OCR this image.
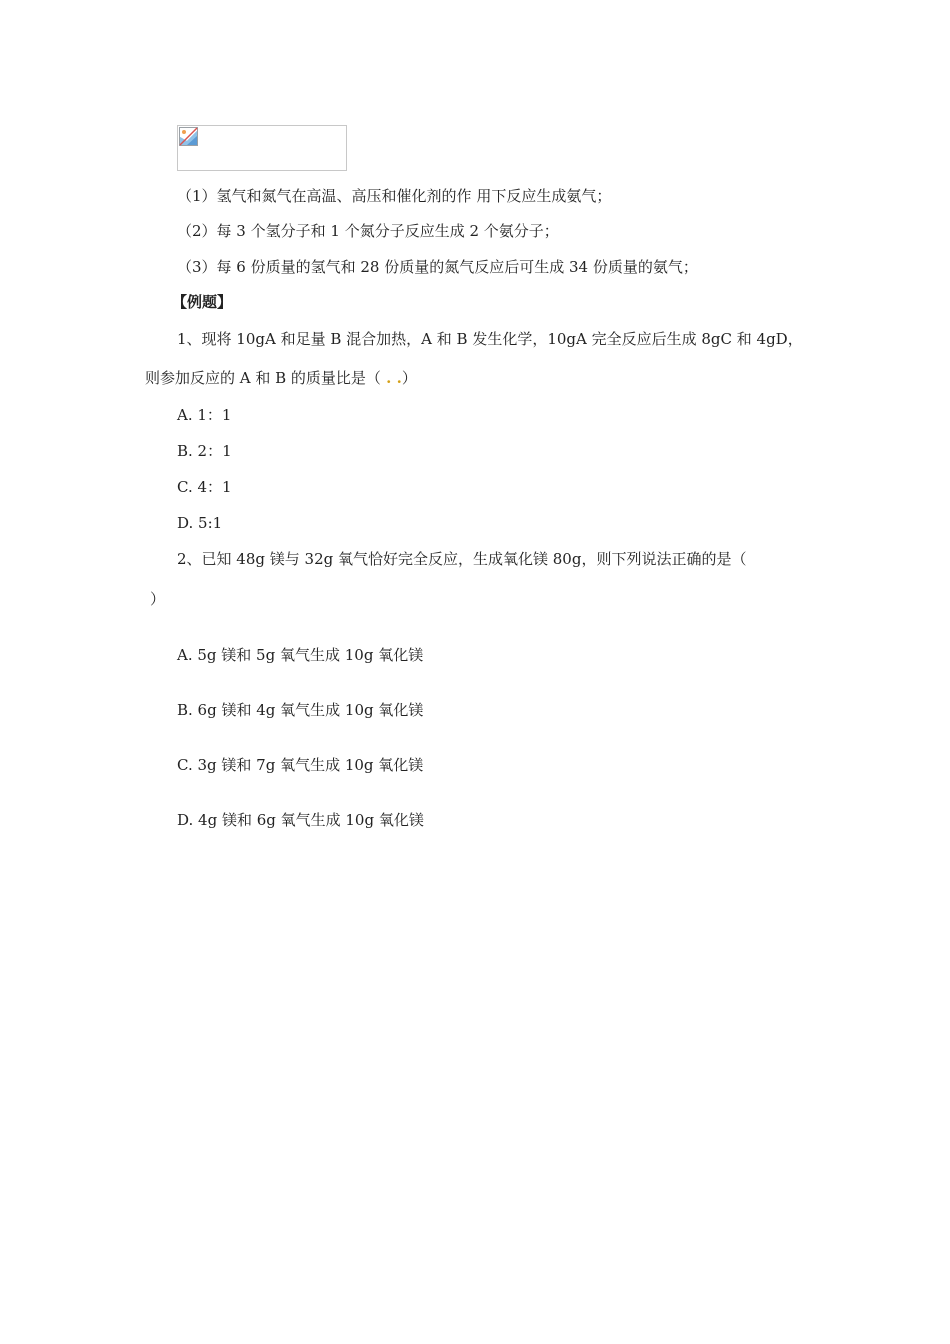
（1）氢气和氮气在高温、高压和催化剂的作 用下反应生成氨气；
（2）每 3 个氢分子和 1 个氮分子反应生成 2 个氨分子；
（3）每 6 份质量的氢气和 28 份质量的氮气反应后可生成 34 份质量的氨气；
【例题】
1、现将 10gA 和足量 B 混合加热，A 和 B 发生化学，10gA 完全反应后生成 8gC 和 4gD，
则参加反应的 A 和 B 的质量比是（ . .）
A. 1：1
B. 2：1
C. 4：1
D. 5:1
2、已知 48g 镁与 32g 氧气恰好完全反应，生成氧化镁 80g，则下列说法正确的是（
）
A. 5g 镁和 5g 氧气生成 10g 氧化镁
B. 6g 镁和 4g 氧气生成 10g 氧化镁
C. 3g 镁和 7g 氧气生成 10g 氧化镁
D. 4g 镁和 6g 氧气生成 10g 氧化镁
